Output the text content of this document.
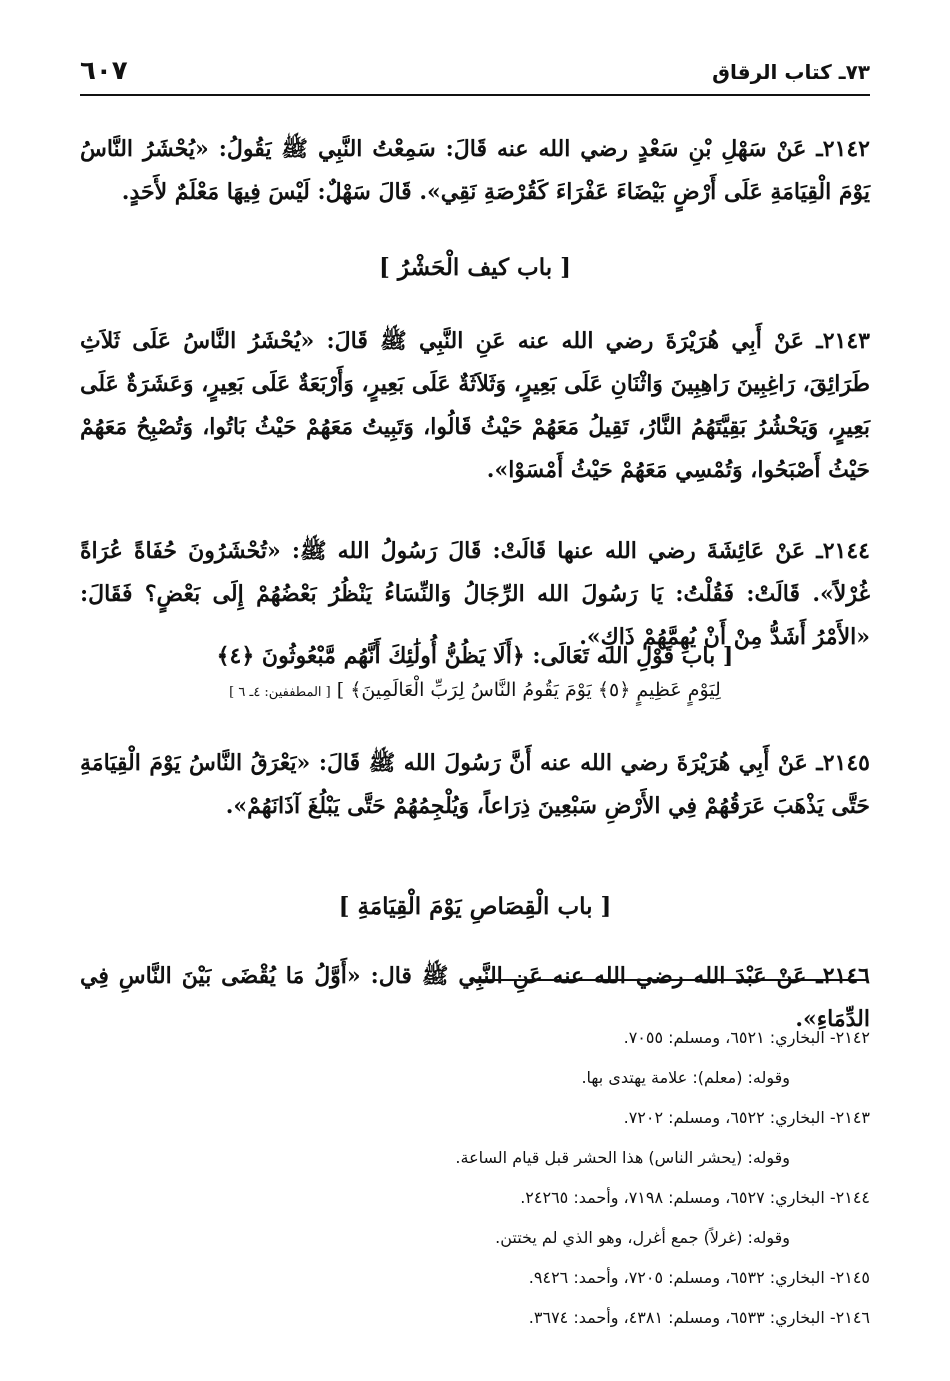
٧٣ـ كتاب الرقاق
٦٠٧
٢١٤٢ـ عَنْ سَهْلِ بْنِ سَعْدٍ رضي الله عنه قَالَ: سَمِعْتُ النَّبِي ﷺ يَقُولُ: «يُحْشَرُ النَّاسُ يَوْمَ الْقِيَامَةِ عَلَى أَرْضٍ بَيْضَاءَ عَفْرَاءَ كَقُرْصَةِ نَقِي». قَالَ سَهْلٌ: لَيْسَ فِيهَا مَعْلَمٌ لأَحَدٍ.
[ باب كيف الْحَشْرُ ]
٢١٤٣ـ عَنْ أَبِي هُرَيْرَةَ رضي الله عنه عَنِ النَّبِي ﷺ قَالَ: «يُحْشَرُ النَّاسُ عَلَى ثَلاَثِ طَرَائِقَ، رَاغِبِينَ رَاهِبِينَ وَاثْنَانِ عَلَى بَعِيرٍ، وَثَلاَثَةٌ عَلَى بَعِيرٍ، وَأَرْبَعَةٌ عَلَى بَعِيرٍ، وَعَشَرَةٌ عَلَى بَعِيرٍ، وَيَحْشُرُ بَقِيَّتَهُمُ النَّارُ، تَقِيلُ مَعَهُمْ حَيْثُ قَالُوا، وَتَبِيتُ مَعَهُمْ حَيْثُ بَاتُوا، وَتُصْبِحُ مَعَهُمْ حَيْثُ أَصْبَحُوا، وَتُمْسِي مَعَهُمْ حَيْثُ أَمْسَوْا».
٢١٤٤ـ عَنْ عَائِشَةَ رضي الله عنها قَالَتْ: قَالَ رَسُولُ الله ﷺ: «تُحْشَرُونَ حُفَاةً عُرَاةً غُرْلاً». قَالَتْ: فَقُلْتُ: يَا رَسُولَ الله الرِّجَالُ وَالنِّسَاءُ يَنْظُرُ بَعْضُهُمْ إِلَى بَعْضٍ؟ فَقَالَ: «الأَمْرُ أَشَدُّ مِنْ أَنْ يُهِمَّهُمْ ذَاكِ».
[ باب قَوْلِ الله تَعَالَى: ﴿أَلَا يَظُنُّ أُولَٰئِكَ أَنَّهُم مَّبْعُوثُونَ ﴿٤﴾
لِيَوْمٍ عَظِيمٍ ﴿٥﴾ يَوْمَ يَقُومُ النَّاسُ لِرَبِّ الْعَالَمِينَ﴾ ] [ المطففين: ٤ـ ٦ ]
٢١٤٥ـ عَنْ أَبِي هُرَيْرَةَ رضي الله عنه أَنَّ رَسُولَ الله ﷺ قَالَ: «يَعْرَقُ النَّاسُ يَوْمَ الْقِيَامَةِ حَتَّى يَذْهَبَ عَرَقُهُمْ فِي الأَرْضِ سَبْعِينَ ذِرَاعاً، وَيُلْجِمُهُمْ حَتَّى يَبْلُغَ آذَانَهُمْ».
[ باب الْقِصَاصِ يَوْمَ الْقِيَامَةِ ]
٢١٤٦ـ عَنْ عَبْدَ الله رضي الله عنه عَنِ النَّبِي ﷺ قال: «أَوَّلُ مَا يُقْضَى بَيْنَ النَّاسِ فِي الدِّمَاءِ».
٢١٤٢- البخاري: ٦٥٢١، ومسلم: ٧٠٥٥.
وقوله: (معلم): علامة يهتدى بها.
٢١٤٣- البخاري: ٦٥٢٢، ومسلم: ٧٢٠٢.
وقوله: (يحشر الناس) هذا الحشر قبل قيام الساعة.
٢١٤٤- البخاري: ٦٥٢٧، ومسلم: ٧١٩٨، وأحمد: ٢٤٢٦٥.
وقوله: (غرلاً) جمع أغرل، وهو الذي لم يختتن.
٢١٤٥- البخاري: ٦٥٣٢، ومسلم: ٧٢٠٥، وأحمد: ٩٤٢٦.
٢١٤٦- البخاري: ٦٥٣٣، ومسلم: ٤٣٨١، وأحمد: ٣٦٧٤.
